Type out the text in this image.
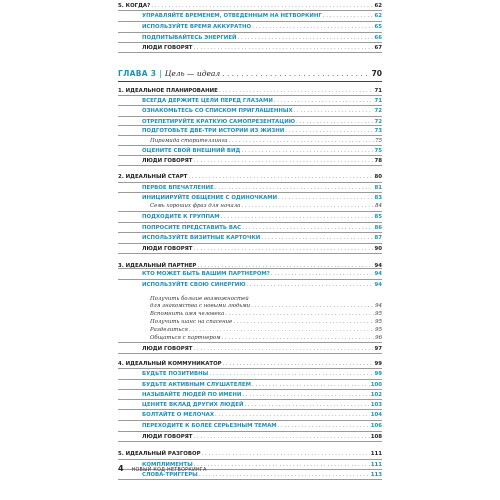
ГЛАВА 3 | Цель — идеал . . .	70
5. КОГДА? . . .	62
УПРАВЛЯЙТЕ ВРЕМЕНЕМ, ОТВЕДЕННЫМ НА НЕТВОРКИНГ . . .	62
ИСПОЛЬЗУЙТЕ ВРЕМЯ АККУРАТНО . . .	65
ПОДПИТЫВАЙТЕСЬ ЭНЕРГИЕЙ . . .	66
ЛЮДИ ГОВОРЯТ . . .	67
1. ИДЕАЛЬНОЕ ПЛАНИРОВАНИЕ . . .	71
ВСЕГДА ДЕРЖИТЕ ЦЕЛИ ПЕРЕД ГЛАЗАМИ . . .	71
ОЗНАКОМЬТЕСЬ СО СПИСКОМ ПРИГЛАШЕННЫХ . . .	72
ОТРЕПЕТИРУЙТЕ КРАТКУЮ САМОПРЕЗЕНТАЦИЮ . . .	72
ПОДГОТОВЬТЕ ДВЕ-ТРИ ИСТОРИИ ИЗ ЖИЗНИ . . .	73
Пирамида сторителлинга . . .	75
ОЦЕНИТЕ СВОЙ ВНЕШНИЙ ВИД . . .	75
ЛЮДИ ГОВОРЯТ . . .	78
2. ИДЕАЛЬНЫЙ СТАРТ . . .	80
ПЕРВОЕ ВПЕЧАТЛЕНИЕ . . .	81
ИНИЦИИРУЙТЕ ОБЩЕНИЕ С ОДИНОЧКАМИ . . .	83
Семь хороших фраз для начала . . .	84
ПОДХОДИТЕ К ГРУППАМ . . .	85
ПОПРОСИТЕ ПРЕДСТАВИТЬ ВАС . . .	86
ИСПОЛЬЗУЙТЕ ВИЗИТНЫЕ КАРТОЧКИ . . .	87
ЛЮДИ ГОВОРЯТ . . .	90
3. ИДЕАЛЬНЫЙ ПАРТНЕР . . .	94
КТО МОЖЕТ БЫТЬ ВАШИМ ПАРТНЕРОМ? . . .	94
ИСПОЛЬЗУЙТЕ СВОЮ СИНЕРГИЮ . . .	94
Получить больше возможностей
для знакомства с новыми людьми . . .	94
Вспомнить имя человека . . .	95
Получить шанс на спасение . . .	95
Разделиться . . .	95
Общаться с партнером . . .	96
ЛЮДИ ГОВОРЯТ . . .	97
4. ИДЕАЛЬНЫЙ КОММУНИКАТОР . . .	99
БУДЬТЕ ПОЗИТИВНЫ . . .	99
БУДЬТЕ АКТИВНЫМ СЛУШАТЕЛЕМ . . .	100
НАЗЫВАЙТЕ ЛЮДЕЙ ПО ИМЕНИ . . .	102
ЦЕНИТЕ ВКЛАД ДРУГИХ ЛЮДЕЙ . . .	103
БОЛТАЙТЕ О МЕЛОЧАХ . . .	104
ПЕРЕХОДИТЕ К БОЛЕЕ СЕРЬЕЗНЫМ ТЕМАМ . . .	106
ЛЮДИ ГОВОРЯТ . . .	108
5. ИДЕАЛЬНЫЙ РАЗГОВОР . . .	111
КОМПЛИМЕНТЫ . . .	111
СЛОВА-ТРИГГЕРЫ . . .	113
4 НОВЫЙ КОД НЕТВОРКИНГА
